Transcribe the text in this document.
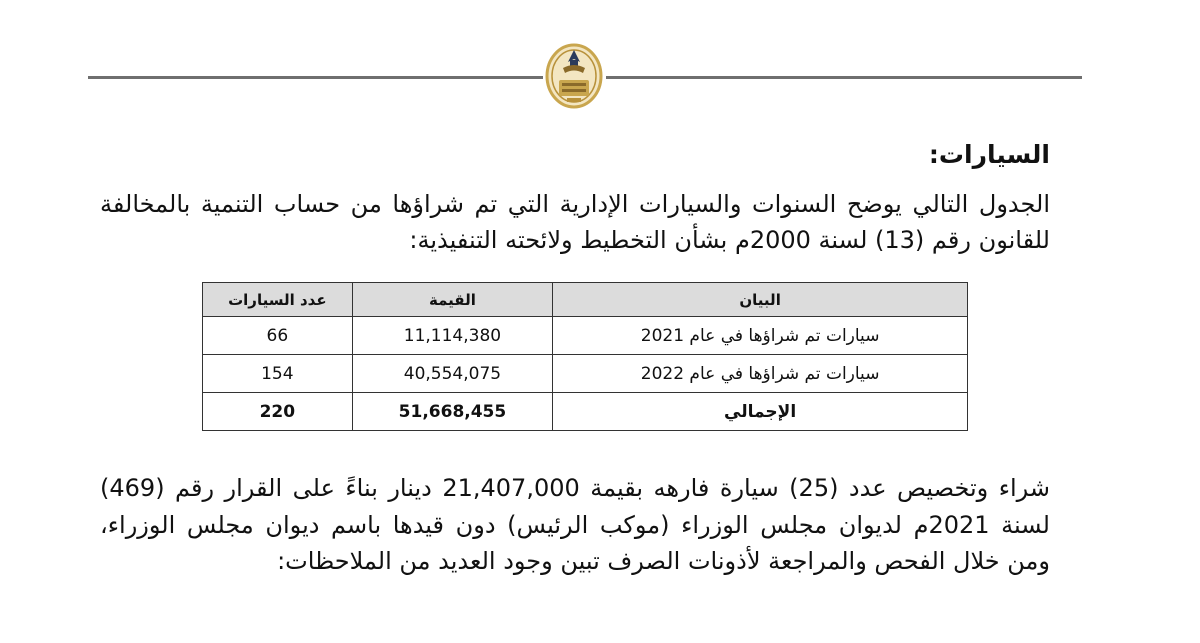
السيارات:
الجدول التالي يوضح السنوات والسيارات الإدارية التي تم شراؤها من حساب التنمية بالمخالفة للقانون رقم (13) لسنة 2000م بشأن التخطيط ولائحته التنفيذية:
البيان	القيمة	عدد السيارات
سيارات تم شراؤها في عام 2021	11,114,380	66
سيارات تم شراؤها في عام 2022	40,554,075	154
الإجمالي	51,668,455	220
شراء وتخصيص عدد (25) سيارة فارهه بقيمة 21,407,000 دينار بناءً على القرار رقم (469) لسنة 2021م لديوان مجلس الوزراء (موكب الرئيس) دون قيدها باسم ديوان مجلس الوزراء، ومن خلال الفحص والمراجعة لأذونات الصرف تبين وجود العديد من الملاحظات:
